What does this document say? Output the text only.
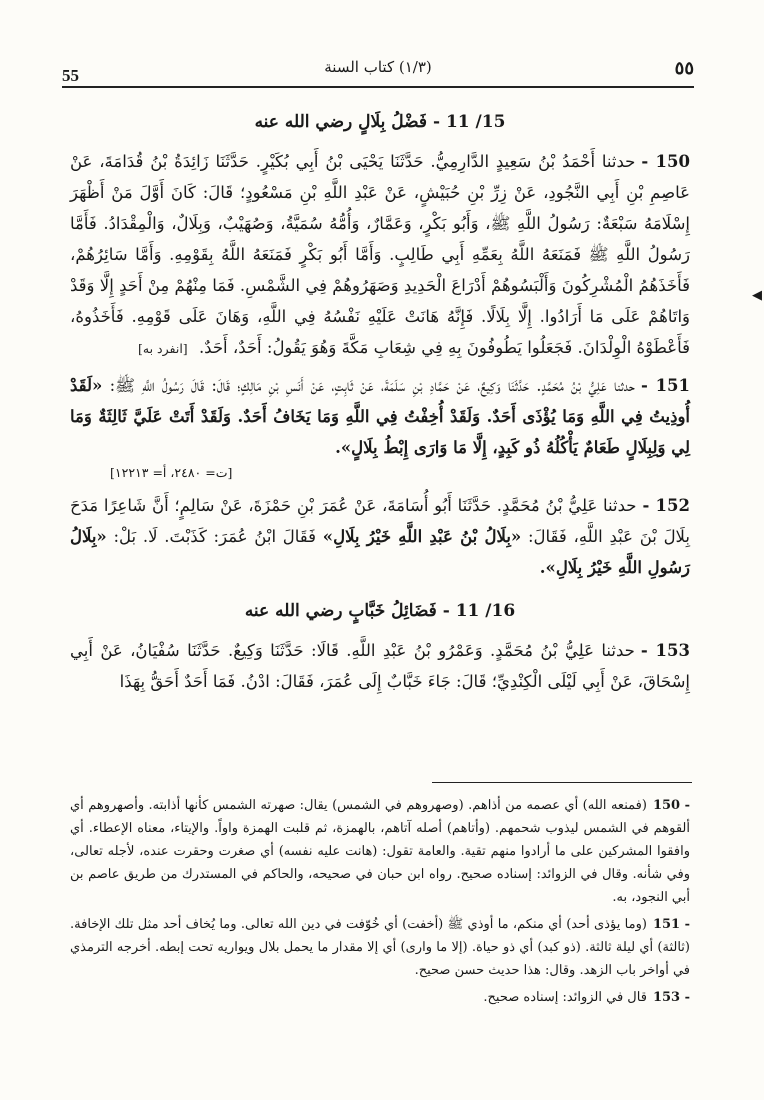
55	(١/٣) كتاب السنة	٥٥
15/ 11 - فَضْلُ بِلَالٍ رضي الله عنه

150 -حدثنا أَحْمَدُ بْنُ سَعِيدٍ الدَّارِمِيُّ. حَدَّثَنَا يَحْيَى بْنُ أَبِي بُكَيْرٍ. حَدَّثَنَا زَائِدَةُ بْنُ قُدَامَةَ، عَنْ عَاصِمِ بْنِ أَبِي النَّجُودِ، عَنْ زِرِّ بْنِ حُبَيْشٍ، عَنْ عَبْدِ اللَّهِ بْنِ مَسْعُودٍ؛ قَالَ: كَانَ أَوَّلَ مَنْ أَظْهَرَ إِسْلَامَهُ سَبْعَةٌ: رَسُولُ اللَّهِ ﷺ، وَأَبُو بَكْرٍ، وَعَمَّارٌ، وَأُمُّهُ سُمَيَّةُ، وَصُهَيْبٌ، وَبِلَالٌ، وَالْمِقْدَادُ. فَأَمَّا رَسُولُ اللَّهِ ﷺ فَمَنَعَهُ اللَّهُ بِعَمِّهِ أَبِي طَالِبٍ. وَأَمَّا أَبُو بَكْرٍ فَمَنَعَهُ اللَّهُ بِقَوْمِهِ. وَأَمَّا سَائِرُهُمْ، فَأَخَذَهُمُ الْمُشْرِكُونَ وَأَلْبَسُوهُمْ أَدْرَاعَ الْحَدِيدِ وَصَهَرُوهُمْ فِي الشَّمْسِ. فَمَا مِنْهُمْ مِنْ أَحَدٍ إِلَّا وَقَدْ وَاتَاهُمْ عَلَى مَا أَرَادُوا. إِلَّا بِلَالًا. فَإِنَّهُ هَانَتْ عَلَيْهِ نَفْسُهُ فِي اللَّهِ، وَهَانَ عَلَى قَوْمِهِ. فَأَخَذُوهُ، فَأَعْطَوْهُ الْوِلْدَانَ. فَجَعَلُوا يَطُوفُونَ بِهِ فِي شِعَابِ مَكَّةَ وَهُوَ يَقُولُ: أَحَدٌ، أَحَدٌ. [انفرد به]

151 -حدثنا عَلِيُّ بْنُ مُحَمَّدٍ. حَدَّثَنَا وَكِيعٌ، عَنْ حَمَّادِ بْنِ سَلَمَةَ، عَنْ ثَابِتٍ، عَنْ أَنَسِ بْنِ مَالِكٍ؛ قَالَ: قَالَ رَسُولُ اللَّهِ ﷺ: «لَقَدْ أُوذِيتُ فِي اللَّهِ وَمَا يُؤْذَى أَحَدٌ. وَلَقَدْ أُخِفْتُ فِي اللَّهِ وَمَا يَخَافُ أَحَدٌ. وَلَقَدْ أَتَتْ عَلَيَّ ثَالِثَةٌ وَمَا لِي وَلِبِلَالٍ طَعَامٌ يَأْكُلُهُ ذُو كَبِدٍ، إِلَّا مَا وَارَى إِبْطُ بِلَالٍ».

[ت= ٢٤٨٠، أ= ١٢٢١٣]

152 -حدثنا عَلِيُّ بْنُ مُحَمَّدٍ. حَدَّثَنَا أَبُو أُسَامَةَ، عَنْ عُمَرَ بْنِ حَمْزَةَ، عَنْ سَالِمٍ؛ أَنَّ شَاعِرًا مَدَحَ بِلَالَ بْنَ عَبْدِ اللَّهِ، فَقَالَ: «بِلَالُ بْنُ عَبْدِ اللَّهِ خَيْرُ بِلَالِ» فَقَالَ ابْنُ عُمَرَ: كَذَبْتَ. لَا. بَلْ: «بِلَالُ رَسُولِ اللَّهِ خَيْرُ بِلَالِ».

16/ 11 - فَضَائِلُ خَبَّابٍ رضي الله عنه

153 -حدثنا عَلِيُّ بْنُ مُحَمَّدٍ. وَعَمْرُو بْنُ عَبْدِ اللَّهِ. قَالَا: حَدَّثَنَا وَكِيعٌ. حَدَّثَنَا سُفْيَانُ، عَنْ أَبِي إِسْحَاقَ، عَنْ أَبِي لَيْلَى الْكِنْدِيِّ؛ قَالَ: جَاءَ خَبَّابٌ إِلَى عُمَرَ، فَقَالَ: ادْنُ. فَمَا أَحَدٌ أَحَقُّ بِهَذَا

150 -(فمنعه الله) أي عصمه من أذاهم. (وصهروهم في الشمس) يقال: صهرته الشمس كأنها أذابته. وأصهروهم أي ألقوهم في الشمس ليذوب شحمهم. (وأتاهم) أصله آتاهم، بالهمزة، ثم قلبت الهمزة واواً. والإيتاء، معناه الإعطاء. أي وافقوا المشركين على ما أرادوا منهم تقية. والعامة تقول: (هانت عليه نفسه) أي صغرت وحقرت عنده، لأجله تعالى، وفي شأنه. وقال في الزوائد: إسناده صحيح. رواه ابن حبان في صحيحه، والحاكم في المستدرك من طريق عاصم بن أبي النجود، به.

151 -(وما يؤذى أحد) أي منكم، ما أوذي ﷺ (أخفت) أي خُوّفت في دين الله تعالى. وما يُخاف أحد مثل تلك الإخافة. (ثالثة) أي ليلة ثالثة. (ذو كبد) أي ذو حياة. (إلا ما وارى) أي إلا مقدار ما يحمل بلال ويواريه تحت إبطه. أخرجه الترمذي في أواخر باب الزهد. وقال: هذا حديث حسن صحيح.

153 -قال في الزوائد: إسناده صحيح.

◀
